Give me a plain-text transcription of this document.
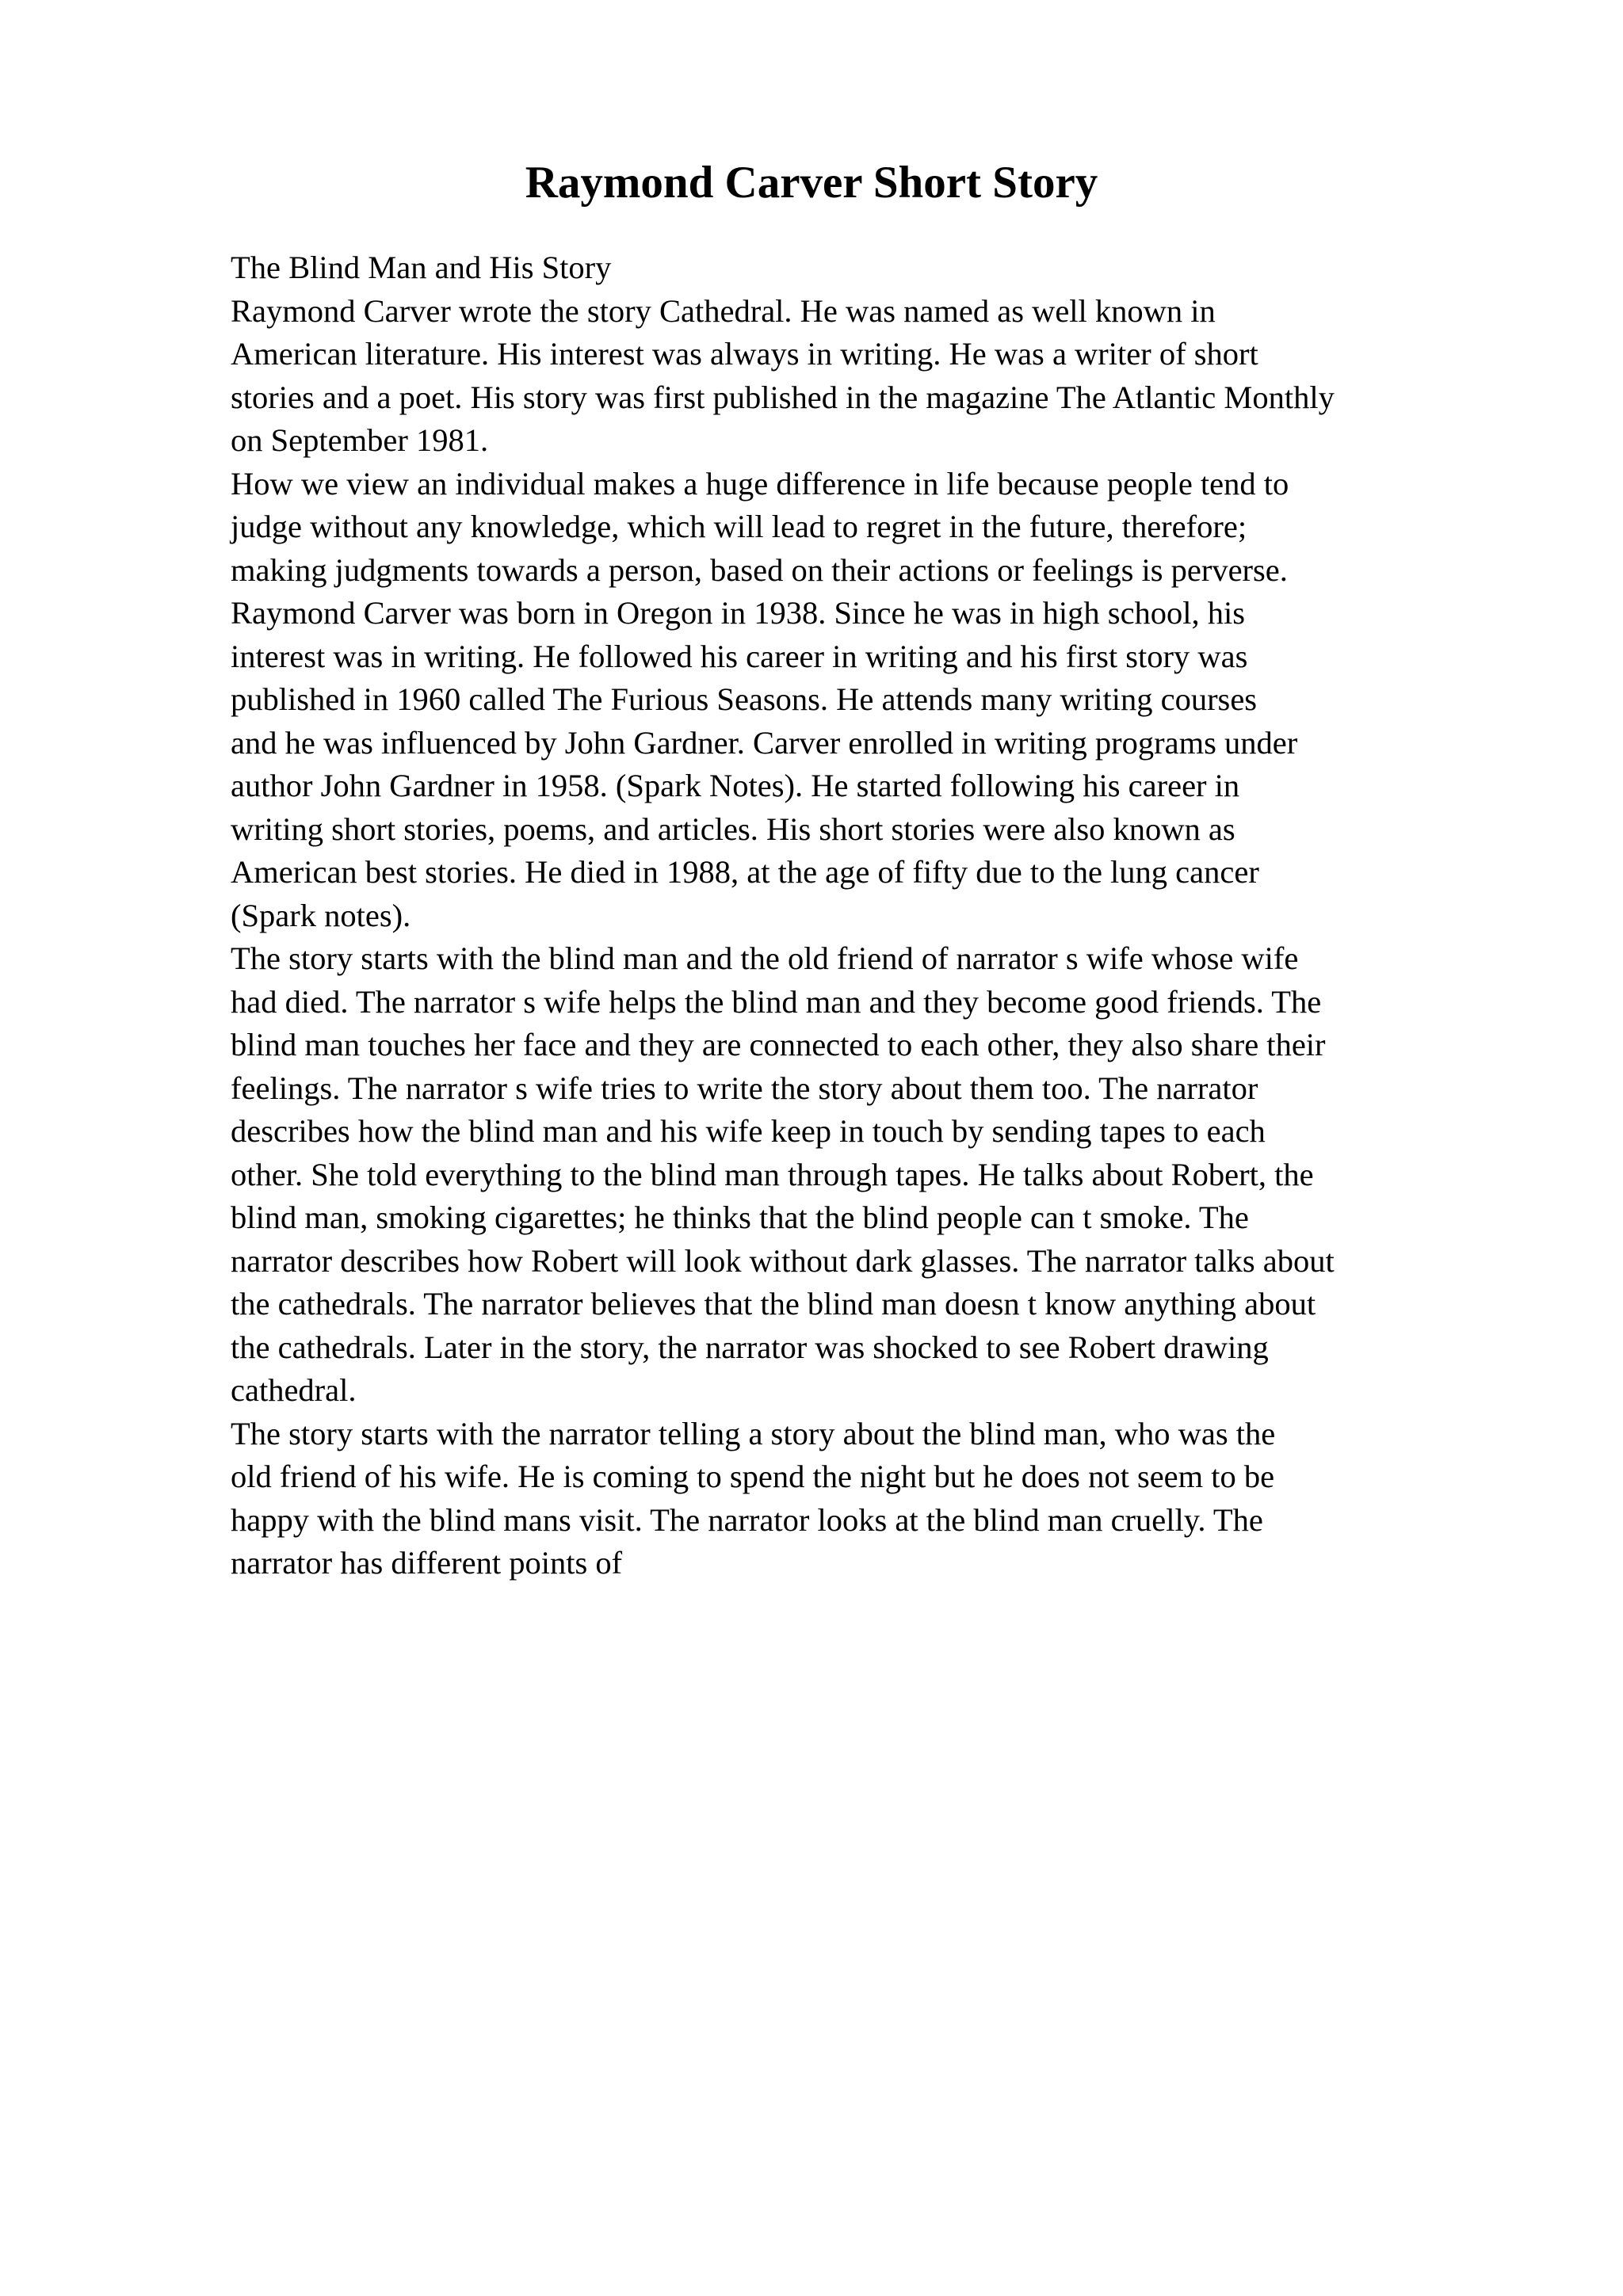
Raymond Carver Short Story
The Blind Man and His Story
Raymond Carver wrote the story Cathedral. He was named as well known in
American literature. His interest was always in writing. He was a writer of short
stories and a poet. His story was first published in the magazine The Atlantic Monthly
on September 1981.
How we view an individual makes a huge difference in life because people tend to
judge without any knowledge, which will lead to regret in the future, therefore;
making judgments towards a person, based on their actions or feelings is perverse.
Raymond Carver was born in Oregon in 1938. Since he was in high school, his
interest was in writing. He followed his career in writing and his first story was
published in 1960 called The Furious Seasons. He attends many writing courses
and he was influenced by John Gardner. Carver enrolled in writing programs under
author John Gardner in 1958. (Spark Notes). He started following his career in
writing short stories, poems, and articles. His short stories were also known as
American best stories. He died in 1988, at the age of fifty due to the lung cancer
(Spark notes).
The story starts with the blind man and the old friend of narrator s wife whose wife
had died. The narrator s wife helps the blind man and they become good friends. The
blind man touches her face and they are connected to each other, they also share their
feelings. The narrator s wife tries to write the story about them too. The narrator
describes how the blind man and his wife keep in touch by sending tapes to each
other. She told everything to the blind man through tapes. He talks about Robert, the
blind man, smoking cigarettes; he thinks that the blind people can t smoke. The
narrator describes how Robert will look without dark glasses. The narrator talks about
the cathedrals. The narrator believes that the blind man doesn t know anything about
the cathedrals. Later in the story, the narrator was shocked to see Robert drawing
cathedral.
The story starts with the narrator telling a story about the blind man, who was the
old friend of his wife. He is coming to spend the night but he does not seem to be
happy with the blind mans visit. The narrator looks at the blind man cruelly. The
narrator has different points of
